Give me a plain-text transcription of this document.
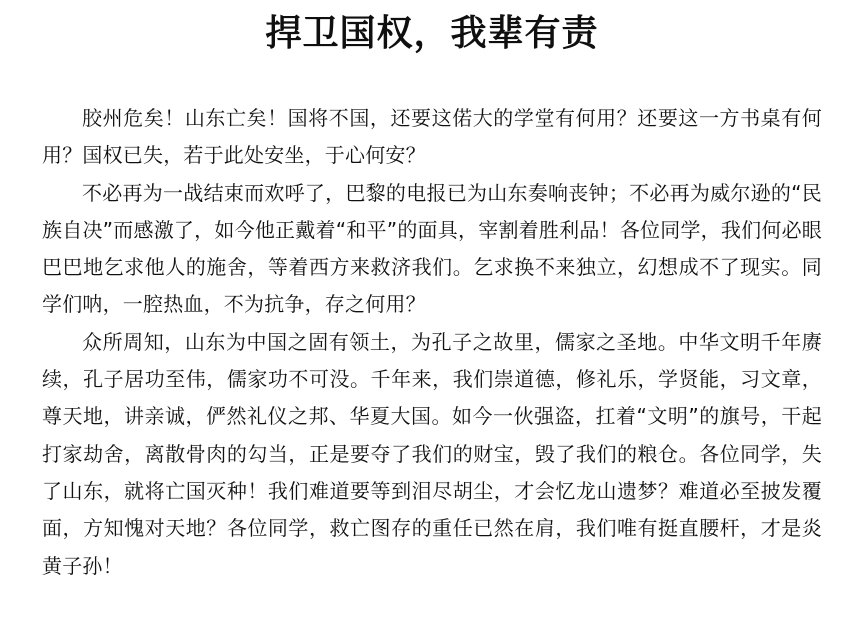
捍卫国权，我辈有责

胶州危矣！山东亡矣！国将不国，还要这偌大的学堂有何用？还要这一方书桌有何用？国权已失，若于此处安坐，于心何安？

不必再为一战结束而欢呼了，巴黎的电报已为山东奏响丧钟；不必再为威尔逊的“民族自决”而感激了，如今他正戴着“和平”的面具，宰割着胜利品！各位同学，我们何必眼巴巴地乞求他人的施舍，等着西方来救济我们。乞求换不来独立，幻想成不了现实。同学们呐，一腔热血，不为抗争，存之何用？

众所周知，山东为中国之固有领土，为孔子之故里，儒家之圣地。中华文明千年赓续，孔子居功至伟，儒家功不可没。千年来，我们崇道德，修礼乐，学贤能，习文章，尊天地，讲亲诚，俨然礼仪之邦、华夏大国。如今一伙强盗，扛着“文明”的旗号，干起打家劫舍，离散骨肉的勾当，正是要夺了我们的财宝，毁了我们的粮仓。各位同学，失了山东，就将亡国灭种！我们难道要等到泪尽胡尘，才会忆龙山遗梦？难道必至披发覆面，方知愧对天地？各位同学，救亡图存的重任已然在肩，我们唯有挺直腰杆，才是炎黄子孙！
